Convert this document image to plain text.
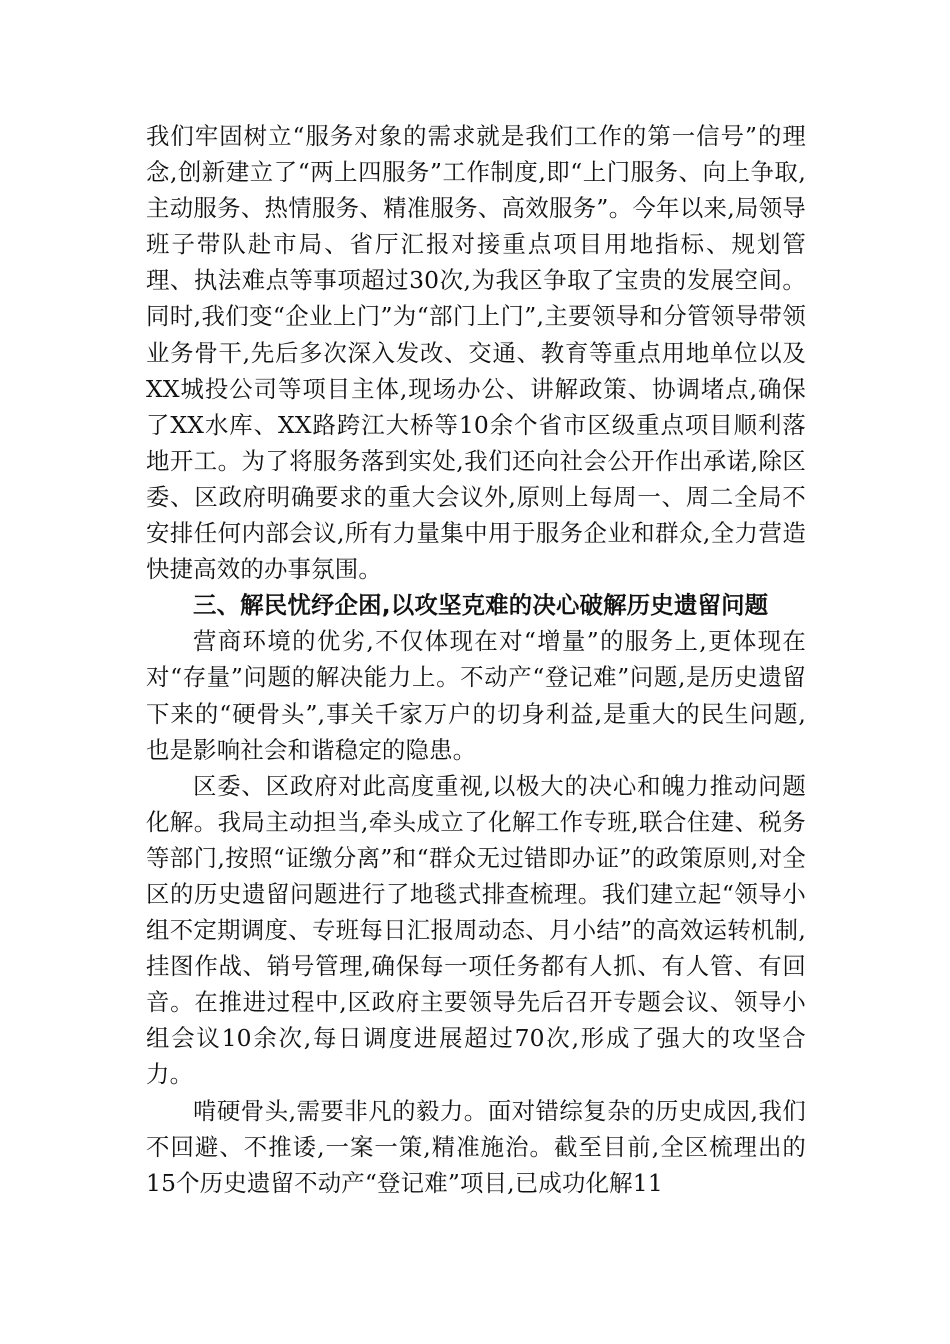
我们牢固树立“服务对象的需求就是我们工作的第一信号”的理念,创新建立了“两上四服务”工作制度,即“上门服务、向上争取,主动服务、热情服务、精准服务、高效服务”。今年以来,局领导班子带队赴市局、省厅汇报对接重点项目用地指标、规划管理、执法难点等事项超过30次,为我区争取了宝贵的发展空间。同时,我们变“企业上门”为“部门上门”,主要领导和分管领导带领业务骨干,先后多次深入发改、交通、教育等重点用地单位以及XX城投公司等项目主体,现场办公、讲解政策、协调堵点,确保了XX水库、XX路跨江大桥等10余个省市区级重点项目顺利落地开工。为了将服务落到实处,我们还向社会公开作出承诺,除区委、区政府明确要求的重大会议外,原则上每周一、周二全局不安排任何内部会议,所有力量集中用于服务企业和群众,全力营造快捷高效的办事氛围。

三、解民忧纾企困,以攻坚克难的决心破解历史遗留问题

营商环境的优劣,不仅体现在对“增量”的服务上,更体现在对“存量”问题的解决能力上。不动产“登记难”问题,是历史遗留下来的“硬骨头”,事关千家万户的切身利益,是重大的民生问题,也是影响社会和谐稳定的隐患。

区委、区政府对此高度重视,以极大的决心和魄力推动问题化解。我局主动担当,牵头成立了化解工作专班,联合住建、税务等部门,按照“证缴分离”和“群众无过错即办证”的政策原则,对全区的历史遗留问题进行了地毯式排查梳理。我们建立起“领导小组不定期调度、专班每日汇报周动态、月小结”的高效运转机制,挂图作战、销号管理,确保每一项任务都有人抓、有人管、有回音。在推进过程中,区政府主要领导先后召开专题会议、领导小组会议10余次,每日调度进展超过70次,形成了强大的攻坚合力。

啃硬骨头,需要非凡的毅力。面对错综复杂的历史成因,我们不回避、不推诿,一案一策,精准施治。截至目前,全区梳理出的15个历史遗留不动产“登记难”项目,已成功化解11
